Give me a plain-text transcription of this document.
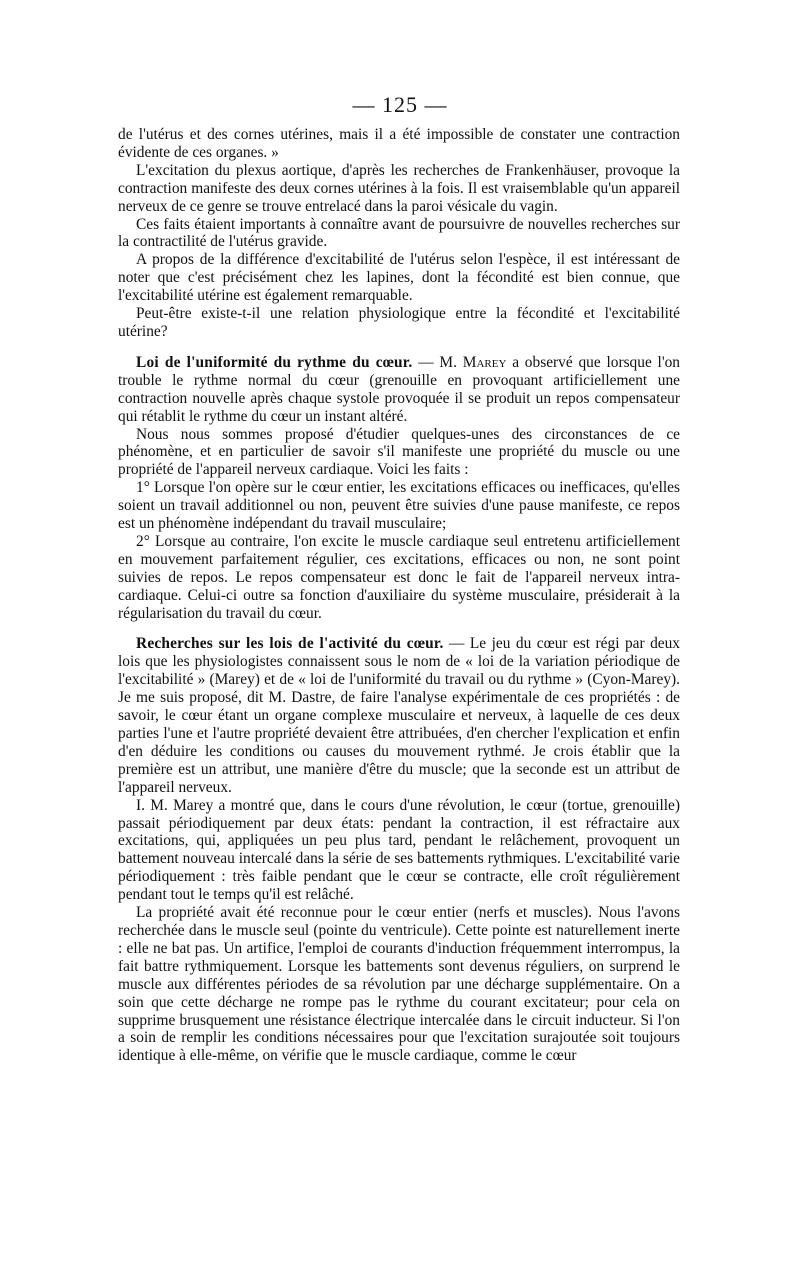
— 125 —

de l'utérus et des cornes utérines, mais il a été impossible de constater une contraction évidente de ces organes. »

L'excitation du plexus aortique, d'après les recherches de Frankenhäuser, provoque la contraction manifeste des deux cornes utérines à la fois. Il est vraisemblable qu'un appareil nerveux de ce genre se trouve entrelacé dans la paroi vésicale du vagin.

Ces faits étaient importants à connaître avant de poursuivre de nouvelles recherches sur la contractilité de l'utérus gravide.

A propos de la différence d'excitabilité de l'utérus selon l'espèce, il est intéressant de noter que c'est précisément chez les lapines, dont la fécondité est bien connue, que l'excitabilité utérine est également remarquable.

Peut-être existe-t-il une relation physiologique entre la fécondité et l'excitabilité utérine?

Loi de l'uniformité du rythme du cœur. — M. Marey a observé que lorsque l'on trouble le rythme normal du cœur (grenouille en provoquant artificiellement une contraction nouvelle après chaque systole provoquée il se produit un repos compensateur qui rétablit le rythme du cœur un instant altéré.

Nous nous sommes proposé d'étudier quelques-unes des circonstances de ce phénomène, et en particulier de savoir s'il manifeste une propriété du muscle ou une propriété de l'appareil nerveux cardiaque. Voici les faits :

1° Lorsque l'on opère sur le cœur entier, les excitations efficaces ou inefficaces, qu'elles soient un travail additionnel ou non, peuvent être suivies d'une pause manifeste, ce repos est un phénomène indépendant du travail musculaire;

2° Lorsque au contraire, l'on excite le muscle cardiaque seul entretenu artificiellement en mouvement parfaitement régulier, ces excitations, efficaces ou non, ne sont point suivies de repos. Le repos compensateur est donc le fait de l'appareil nerveux intra-cardiaque. Celui-ci outre sa fonction d'auxiliaire du système musculaire, présiderait à la régularisation du travail du cœur.

Recherches sur les lois de l'activité du cœur. — Le jeu du cœur est régi par deux lois que les physiologistes connaissent sous le nom de « loi de la variation périodique de l'excitabilité » (Marey) et de « loi de l'uniformité du travail ou du rythme » (Cyon-Marey). Je me suis proposé, dit M. Dastre, de faire l'analyse expérimentale de ces propriétés : de savoir, le cœur étant un organe complexe musculaire et nerveux, à laquelle de ces deux parties l'une et l'autre propriété devaient être attribuées, d'en chercher l'explication et enfin d'en déduire les conditions ou causes du mouvement rythmé. Je crois établir que la première est un attribut, une manière d'être du muscle; que la seconde est un attribut de l'appareil nerveux.

I. M. Marey a montré que, dans le cours d'une révolution, le cœur (tortue, grenouille) passait périodiquement par deux états: pendant la contraction, il est réfractaire aux excitations, qui, appliquées un peu plus tard, pendant le relâchement, provoquent un battement nouveau intercalé dans la série de ses battements rythmiques. L'excitabilité varie périodiquement : très faible pendant que le cœur se contracte, elle croît régulièrement pendant tout le temps qu'il est relâché.

La propriété avait été reconnue pour le cœur entier (nerfs et muscles). Nous l'avons recherchée dans le muscle seul (pointe du ventricule). Cette pointe est naturellement inerte : elle ne bat pas. Un artifice, l'emploi de courants d'induction fréquemment interrompus, la fait battre rythmiquement. Lorsque les battements sont devenus réguliers, on surprend le muscle aux différentes périodes de sa révolution par une décharge supplémentaire. On a soin que cette décharge ne rompe pas le rythme du courant excitateur; pour cela on supprime brusquement une résistance électrique intercalée dans le circuit inducteur. Si l'on a soin de remplir les conditions nécessaires pour que l'excitation surajoutée soit toujours identique à elle-même, on vérifie que le muscle cardiaque, comme le cœur
